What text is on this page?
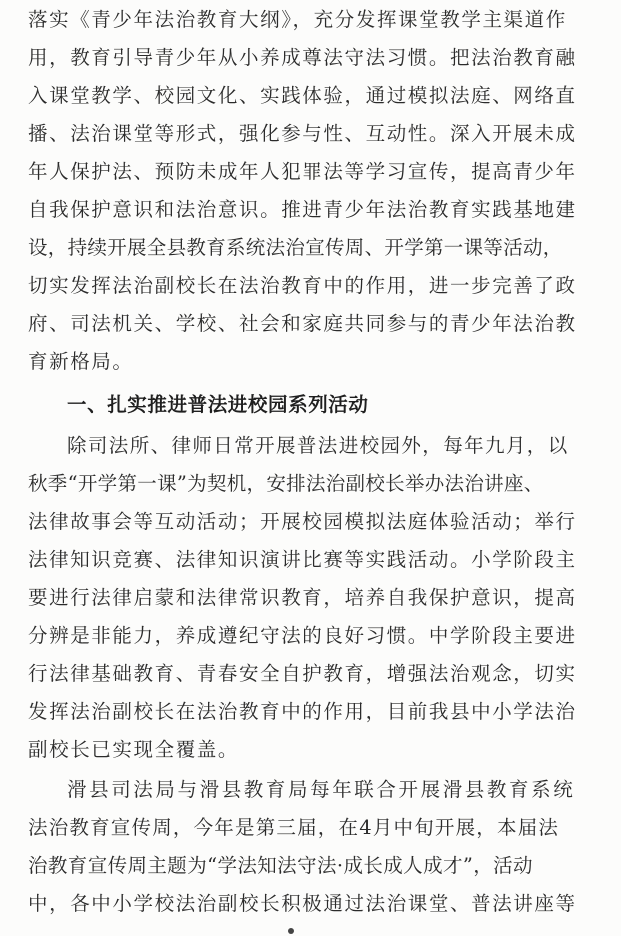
落实《青少年法治教育大纲》，充分发挥课堂教学主渠道作
用，教育引导青少年从小养成尊法守法习惯。把法治教育融
入课堂教学、校园文化、实践体验，通过模拟法庭、网络直
播、法治课堂等形式，强化参与性、互动性。深入开展未成
年人保护法、预防未成年人犯罪法等学习宣传，提高青少年
自我保护意识和法治意识。推进青少年法治教育实践基地建
设，持续开展全县教育系统法治宣传周、开学第一课等活动，
切实发挥法治副校长在法治教育中的作用，进一步完善了政
府、司法机关、学校、社会和家庭共同参与的青少年法治教
育新格局。
一、扎实推进普法进校园系列活动
除司法所、律师日常开展普法进校园外，每年九月，以
秋季“开学第一课”为契机，安排法治副校长举办法治讲座、
法律故事会等互动活动；开展校园模拟法庭体验活动；举行
法律知识竞赛、法律知识演讲比赛等实践活动。小学阶段主
要进行法律启蒙和法律常识教育，培养自我保护意识，提高
分辨是非能力，养成遵纪守法的良好习惯。中学阶段主要进
行法律基础教育、青春安全自护教育，增强法治观念，切实
发挥法治副校长在法治教育中的作用，目前我县中小学法治
副校长已实现全覆盖。
滑县司法局与滑县教育局每年联合开展滑县教育系统
法治教育宣传周，今年是第三届，在4月中旬开展，本届法
治教育宣传周主题为“学法知法守法·成长成人成才”，活动
中，各中小学校法治副校长积极通过法治课堂、普法讲座等
